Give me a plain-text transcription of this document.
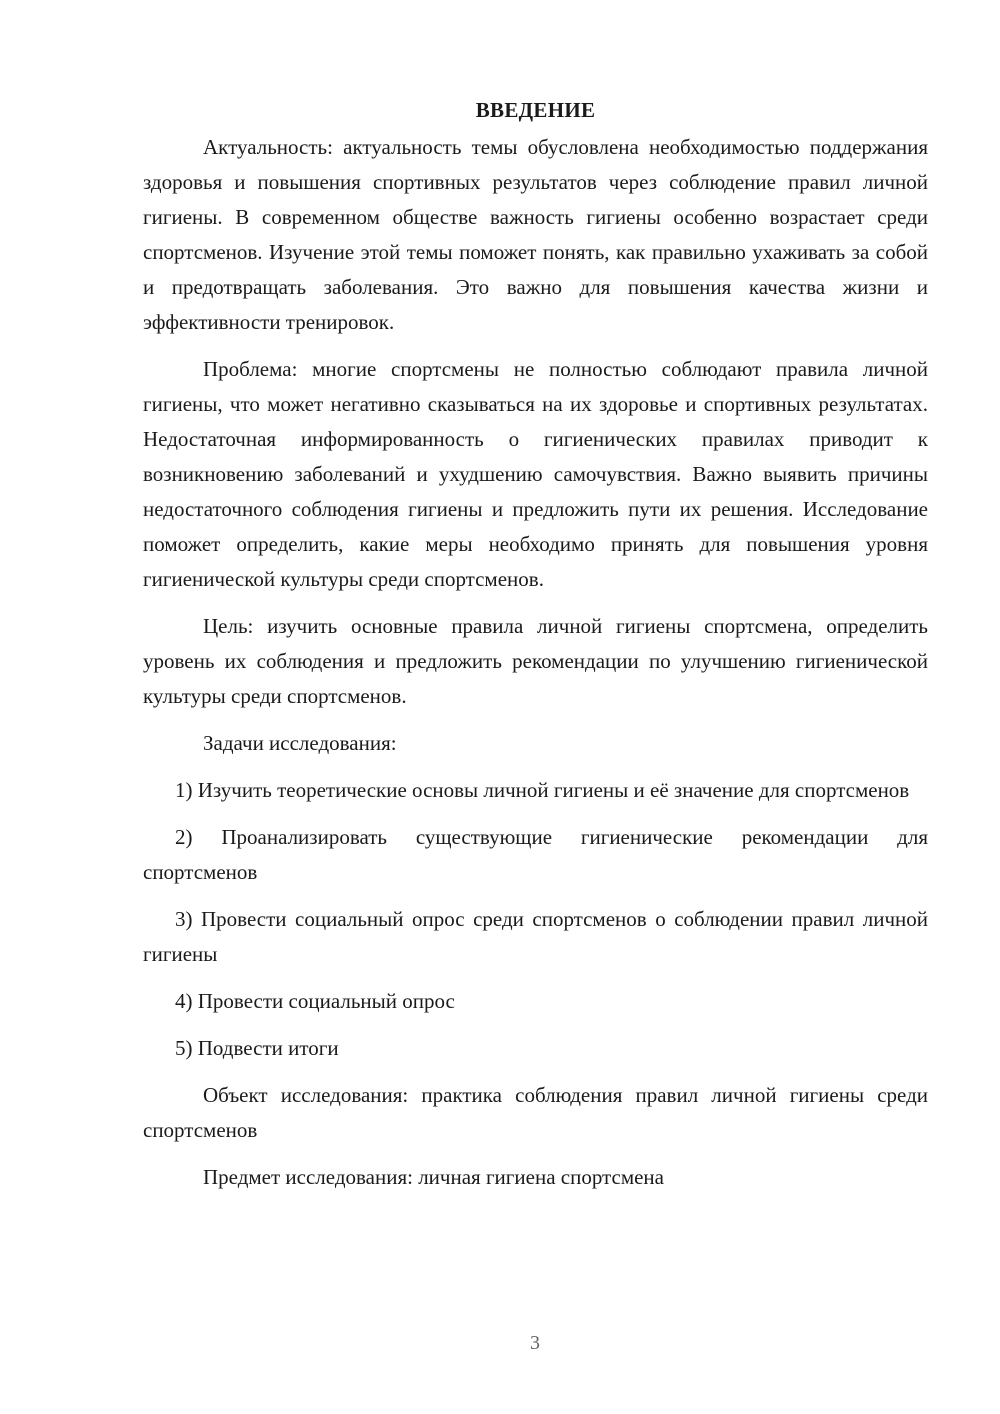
ВВЕДЕНИЕ

Актуальность: актуальность темы обусловлена необходимостью поддержания здоровья и повышения спортивных результатов через соблюдение правил личной гигиены. В современном обществе важность гигиены особенно возрастает среди спортсменов. Изучение этой темы поможет понять, как правильно ухаживать за собой и предотвращать заболевания. Это важно для повышения качества жизни и эффективности тренировок.

Проблема: многие спортсмены не полностью соблюдают правила личной гигиены, что может негативно сказываться на их здоровье и спортивных результатах. Недостаточная информированность о гигиенических правилах приводит к возникновению заболеваний и ухудшению самочувствия. Важно выявить причины недостаточного соблюдения гигиены и предложить пути их решения. Исследование поможет определить, какие меры необходимо принять для повышения уровня гигиенической культуры среди спортсменов.

Цель: изучить основные правила личной гигиены спортсмена, определить уровень их соблюдения и предложить рекомендации по улучшению гигиенической культуры среди спортсменов.

Задачи исследования:

1) Изучить теоретические основы личной гигиены и её значение для спортсменов

2) Проанализировать существующие гигиенические рекомендации для спортсменов

3) Провести социальный опрос среди спортсменов о соблюдении правил личной гигиены

4) Провести социальный опрос

5) Подвести итоги

Объект исследования: практика соблюдения правил личной гигиены среди спортсменов

Предмет исследования: личная гигиена спортсмена

3
